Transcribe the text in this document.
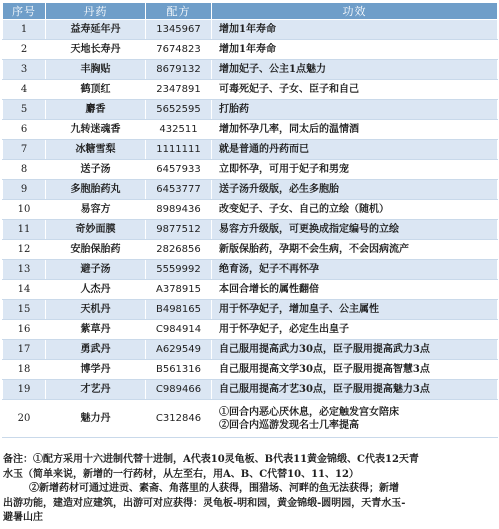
序号	丹药	配方	功效
1	益寿延年丹	1345967	增加1年寿命

2	天地长寿丹	7674823	增加1年寿命

3	丰胸贴	8679132	增加妃子、公主1点魅力

4	鹤顶红	2347891	可毒死妃子、子女、臣子和自己

5	麝香	5652595	打胎药

6	九转迷魂香	432511	增加怀孕几率，同太后的温情酒

7	冰糖雪梨	1111111	就是普通的丹药而已

8	送子汤	6457933	立即怀孕，可用于妃子和男宠

9	多胞胎药丸	6453777	送子汤升级版，必生多胞胎

10	易容方	8989436	改变妃子、子女、自己的立绘（随机）

11	奇妙面膜	9877512	易容方升级版，可更换成指定编号的立绘

12	安胎保胎药	2826856	新版保胎药，孕期不会生病，不会因病流产

13	避子汤	5559992	绝育汤，妃子不再怀孕

14	人杰丹	A378915	本回合增长的属性翻倍

15	天机丹	B498165	用于怀孕妃子，增加皇子、公主属性

16	紫草丹	C984914	用于怀孕妃子，必定生出皇子

17	勇武丹	A629549	自己服用提高武力30点，臣子服用提高武力3点

18	博学丹	B561316	自己服用提高文学30点，臣子服用提高智慧3点

19	才艺丹	C989466	自己服用提高才艺30点，臣子服用提高魅力3点

20	魅力丹	C312846	①回合内恶心厌休息，必定触发宫女陪床
②回合内巡游发现名士几率提高

备注：①配方采用十六进制代替十进制，A代表10灵龟板、B代表11黄金锦缎、C代表12天青

水玉（简单来说，新增的一行药材，从左至右，用A、B、C代替10、11、12）

②新增药材可通过进贡、素斋、角落里的人获得，围猎场、河畔的鱼无法获得；新增

出游功能，建造对应建筑，出游可对应获得：灵龟板-明和园，黄金锦缎-圆明园，天青水玉-

避暑山庄
